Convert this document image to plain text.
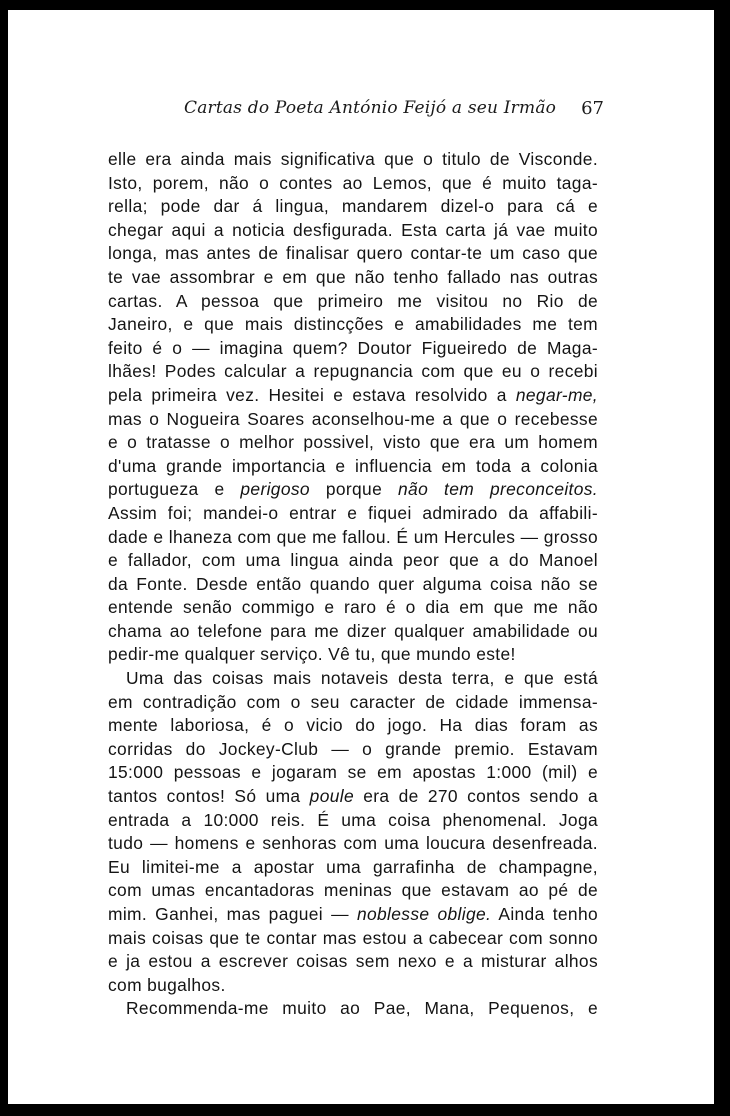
Cartas do Poeta António Feijó a seu Irmão 67
elle era ainda mais significativa que o titulo de Visconde.
Isto, porem, não o contes ao Lemos, que é muito taga-
rella; pode dar á lingua, mandarem dizel-o para cá e
chegar aqui a noticia desfigurada. Esta carta já vae muito
longa, mas antes de finalisar quero contar-te um caso que
te vae assombrar e em que não tenho fallado nas outras
cartas. A pessoa que primeiro me visitou no Rio de
Janeiro, e que mais distincções e amabilidades me tem
feito é o — imagina quem? Doutor Figueiredo de Maga-
lhães! Podes calcular a repugnancia com que eu o recebi
pela primeira vez. Hesitei e estava resolvido a negar-me,
mas o Nogueira Soares aconselhou-me a que o recebesse
e o tratasse o melhor possivel, visto que era um homem
d'uma grande importancia e influencia em toda a colonia
portugueza e perigoso porque não tem preconceitos.
Assim foi; mandei-o entrar e fiquei admirado da affabili-
dade e lhaneza com que me fallou. É um Hercules — grosso
e fallador, com uma lingua ainda peor que a do Manoel
da Fonte. Desde então quando quer alguma coisa não se
entende senão commigo e raro é o dia em que me não
chama ao telefone para me dizer qualquer amabilidade ou
pedir-me qualquer serviço. Vê tu, que mundo este!
Uma das coisas mais notaveis desta terra, e que está
em contradição com o seu caracter de cidade immensa-
mente laboriosa, é o vicio do jogo. Ha dias foram as
corridas do Jockey-Club — o grande premio. Estavam
15:000 pessoas e jogaram se em apostas 1:000 (mil) e
tantos contos! Só uma poule era de 270 contos sendo a
entrada a 10:000 reis. É uma coisa phenomenal. Joga
tudo — homens e senhoras com uma loucura desenfreada.
Eu limitei-me a apostar uma garrafinha de champagne,
com umas encantadoras meninas que estavam ao pé de
mim. Ganhei, mas paguei — noblesse oblige. Ainda tenho
mais coisas que te contar mas estou a cabecear com sonno
e ja estou a escrever coisas sem nexo e a misturar alhos
com bugalhos.
Recommenda-me muito ao Pae, Mana, Pequenos, e
